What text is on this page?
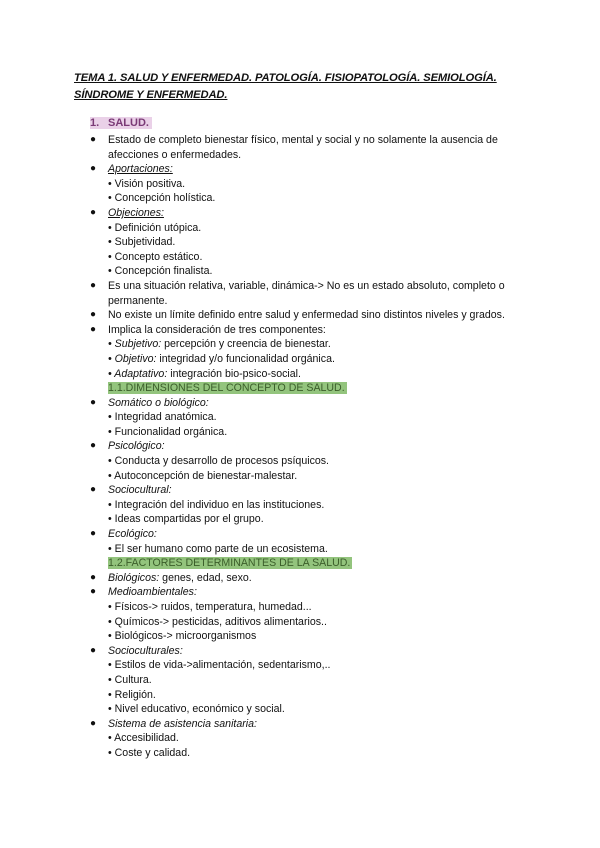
TEMA 1. SALUD Y ENFERMEDAD. PATOLOGÍA. FISIOPATOLOGÍA. SEMIOLOGÍA. SÍNDROME Y ENFERMEDAD.
1. SALUD.
● Estado de completo bienestar físico, mental y social y no solamente la ausencia de
afecciones o enfermedades.
● Aportaciones:
• Visión positiva.
• Concepción holística.
● Objeciones:
• Definición utópica.
• Subjetividad.
• Concepto estático.
• Concepción finalista.
● Es una situación relativa, variable, dinámica-> No es un estado absoluto, completo o
permanente.
● No existe un límite definido entre salud y enfermedad sino distintos niveles y grados.
● Implica la consideración de tres componentes:
• Subjetivo: percepción y creencia de bienestar.
• Objetivo: integridad y/o funcionalidad orgánica.
• Adaptativo: integración bio-psico-social.
1.1.DIMENSIONES DEL CONCEPTO DE SALUD.
● Somático o biológico:
• Integridad anatómica.
• Funcionalidad orgánica.
● Psicológico:
• Conducta y desarrollo de procesos psíquicos.
• Autoconcepción de bienestar-malestar.
● Sociocultural:
• Integración del individuo en las instituciones.
• Ideas compartidas por el grupo.
● Ecológico:
• El ser humano como parte de un ecosistema.
1.2.FACTORES DETERMINANTES DE LA SALUD.
● Biológicos: genes, edad, sexo.
● Medioambientales:
• Físicos-> ruidos, temperatura, humedad...
• Químicos-> pesticidas, aditivos alimentarios..
• Biológicos-> microorganismos
● Socioculturales:
• Estilos de vida->alimentación, sedentarismo,..
• Cultura.
• Religión.
• Nivel educativo, económico y social.
● Sistema de asistencia sanitaria:
• Accesibilidad.
• Coste y calidad.
